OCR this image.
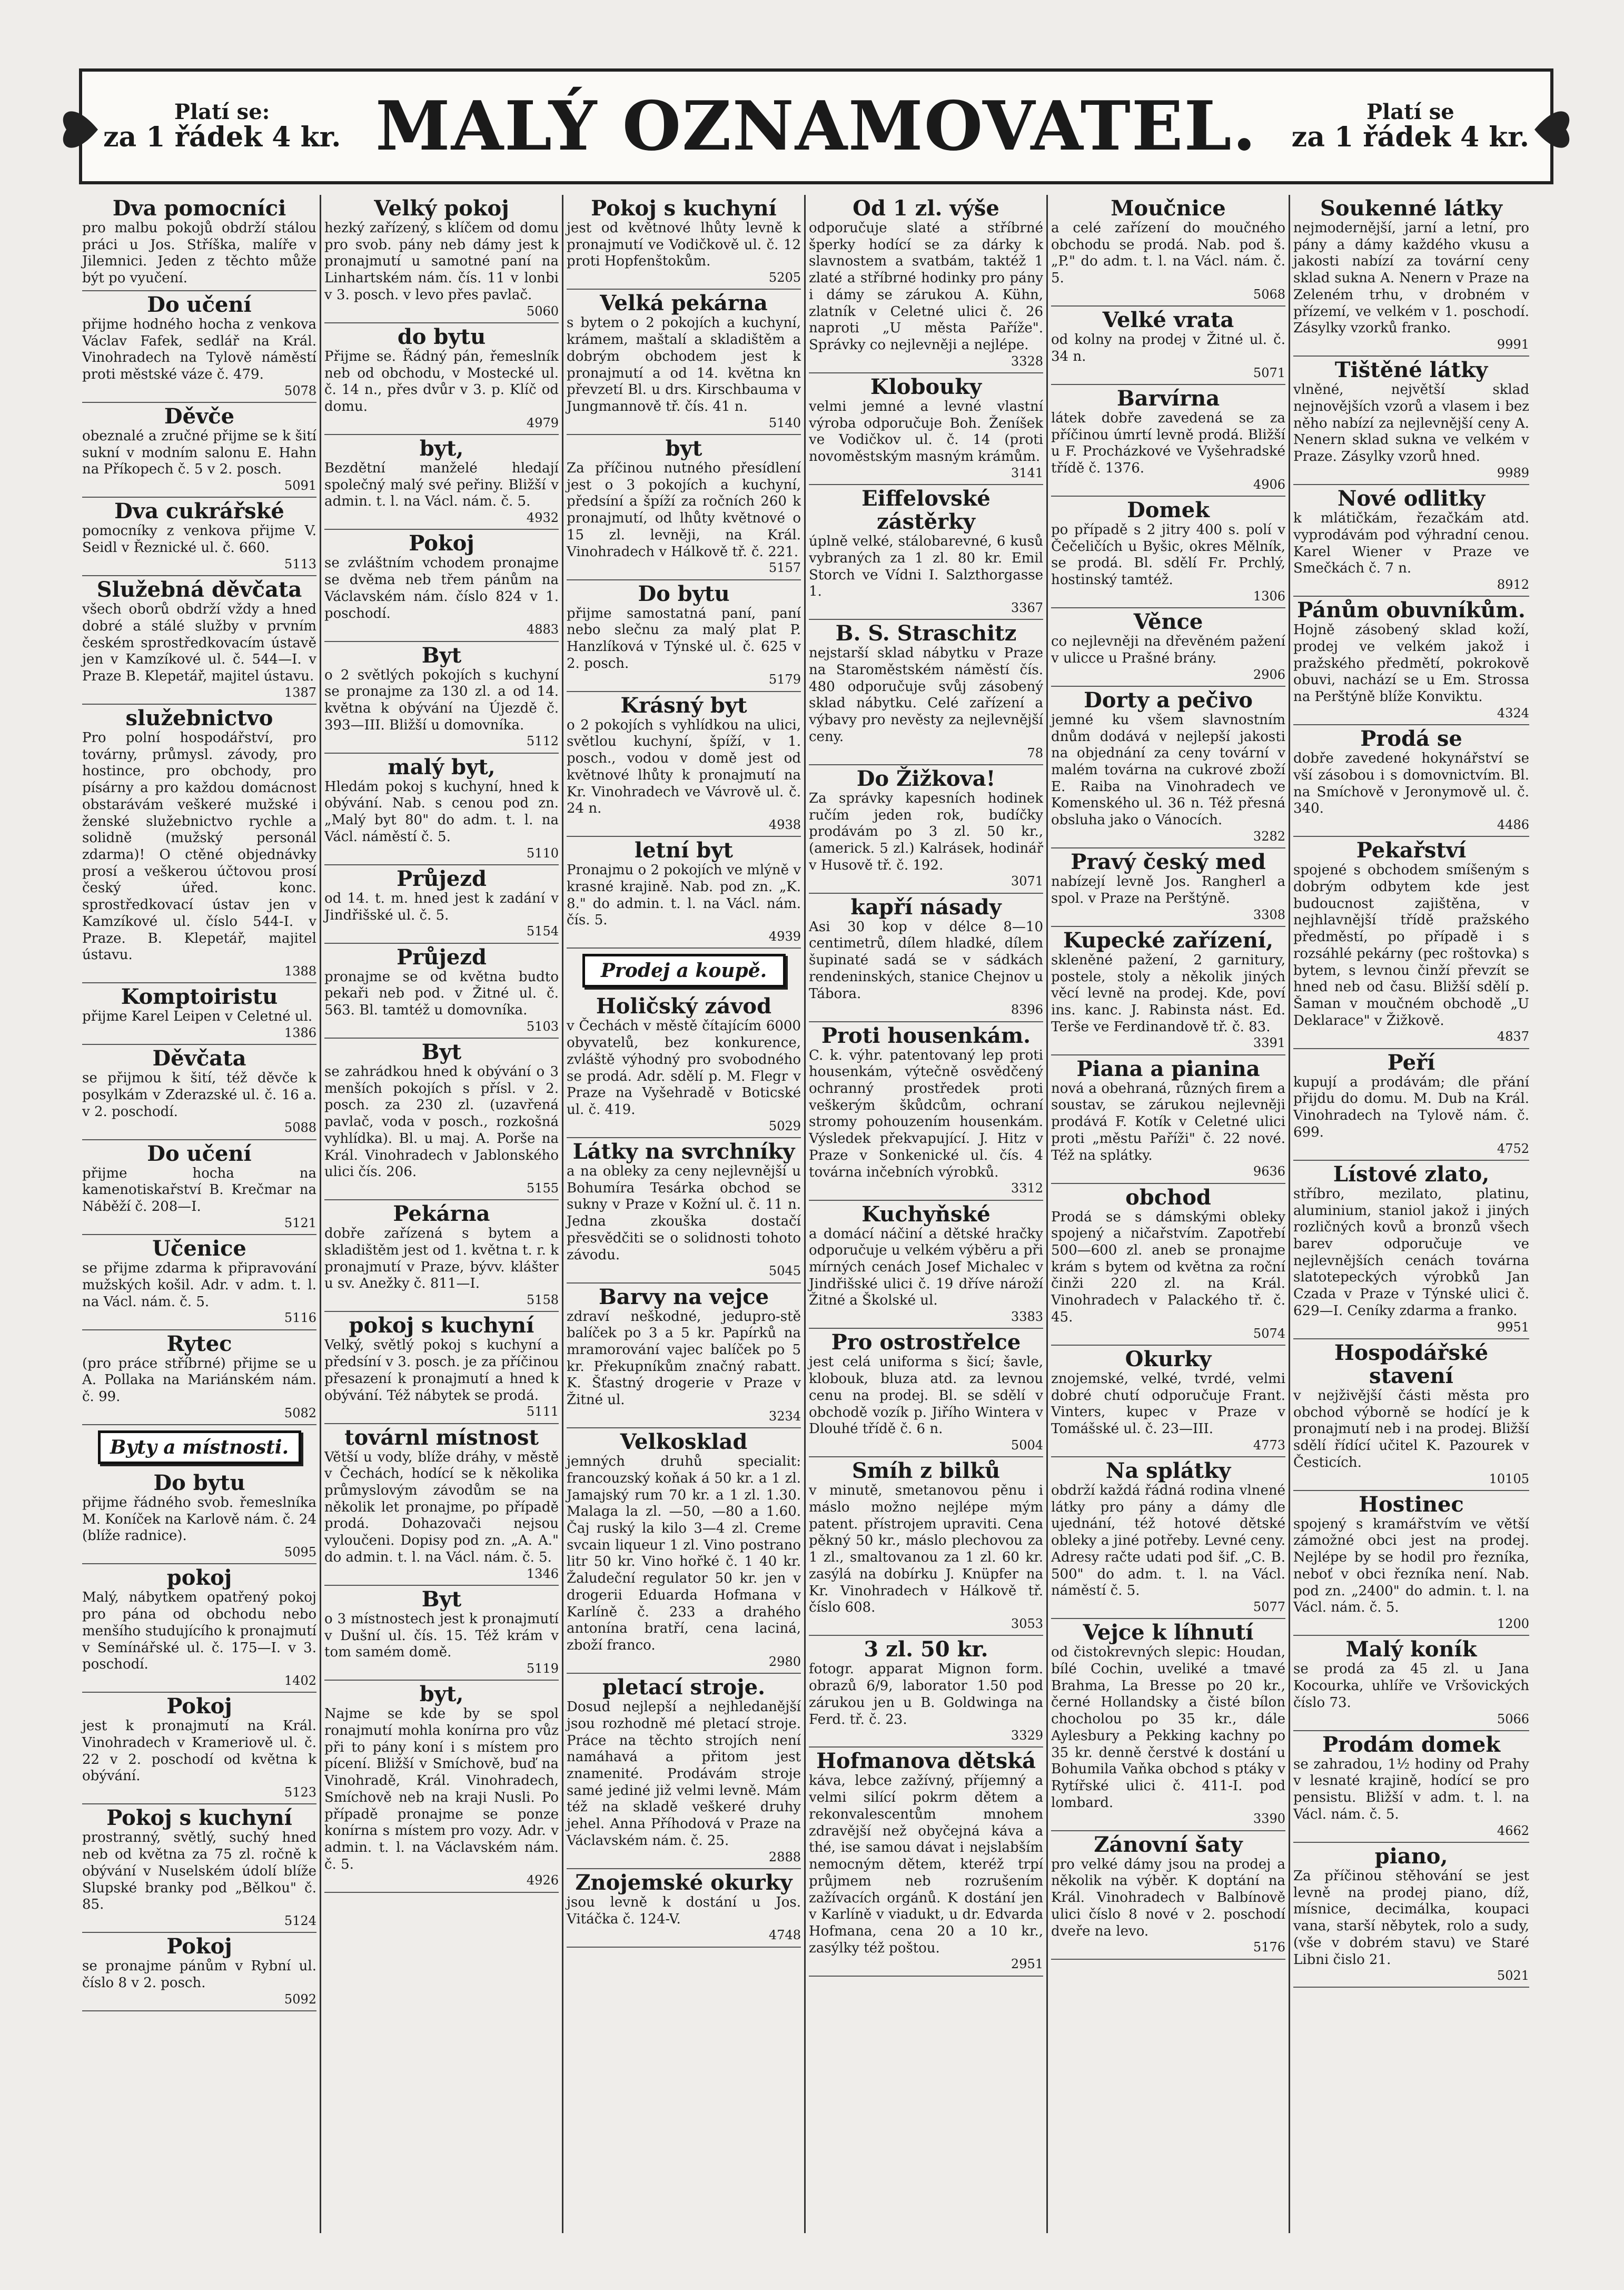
Platí se:
za 1 řádek 4 kr. MALÝ OZNAMOVATEL.	Platí se
za 1 řádek 4 kr.
Dva pomocníci

pro malbu pokojů obdrží stálou práci u Jos. Stříška, malíře v Jilemnici. Jeden z těchto může být po vyučení.

Do učení

přijme hodného hocha z venkova Václav Fafek, sedlář na Král. Vinohradech na Tylově náměstí proti městské váze č. 479.

5078

Děvče

obeznalé a zručné přijme se k šití sukní v modním salonu E. Hahn na Příkopech č. 5 v 2. posch.

5091

Dva cukrářské

pomocníky z venkova přijme V. Seidl v Řeznické ul. č. 660.

5113

Služebná děvčata

všech oborů obdrží vždy a hned dobré a stálé služby v prvním českém sprostředkovacím ústavě jen v Kamzíkové ul. č. 544—I. v Praze B. Klepetář, majitel ústavu.

1387

služebnictvo

Pro polní hospodářství, pro továrny, průmysl. závody, pro hostince, pro obchody, pro písárny a pro každou domácnost obstarávám veškeré mužské i ženské služebnictvo rychle a solidně (mužský personál zdarma)! O ctěné objednávky prosí a veškerou účtovou prosí český úřed. konc. sprostředkovací ústav jen v Kamzíkové ul. číslo 544-I. v Praze. B. Klepetář, majitel ústavu.

1388

Komptoiristu

přijme Karel Leipen v Celetné ul.

1386

Děvčata

se přijmou k šití, též děvče k posylkám v Zderazské ul. č. 16 a. v 2. poschodí.

5088

Do učení

přijme hocha na kamenotiskařství B. Krečmar na Náběží č. 208—I.

5121

Učenice

se přijme zdarma k připravování mužských košil. Adr. v adm. t. l. na Václ. nám. č. 5.

5116

Rytec

(pro práce stříbrné) přijme se u A. Pollaka na Mariánském nám. č. 99.

5082

Byty a místnosti.
Do bytu

přijme řádného svob. řemeslníka M. Koníček na Karlově nám. č. 24 (blíže radnice).

5095

pokoj

Malý, nábytkem opatřený pokoj pro pána od obchodu nebo menšího studujícího k pronajmutí v Semínářské ul. č. 175—I. v 3. poschodí.

1402

Pokoj

jest k pronajmutí na Král. Vinohradech v Krameriově ul. č. 22 v 2. poschodí od května k obývání.

5123

Pokoj s kuchyní

prostranný, světlý, suchý hned neb od května za 75 zl. ročně k obývání v Nuselském údolí blíže Slupské branky pod „Bělkou" č. 85.

5124

Pokoj

se pronajme pánům v Rybní ul. číslo 8 v 2. posch.

5092

Velký pokoj

hezký zařízený, s klíčem od domu pro svob. pány neb dámy jest k pronajmutí u samotné paní na Linhartském nám. čís. 11 v lonbi v 3. posch. v levo přes pavlač.

5060

do bytu

Přijme se. Řádný pán, řemeslník neb od obchodu, v Mostecké ul. č. 14 n., přes dvůr v 3. p. Klíč od domu.

4979

byt,

Bezdětní manželé hledají společný malý své peřiny. Bližší v admin. t. l. na Václ. nám. č. 5.

4932

Pokoj

se zvláštním vchodem pronajme se dvěma neb třem pánům na Václavském nám. číslo 824 v 1. poschodí.

4883

Byt

o 2 světlých pokojích s kuchyní se pronajme za 130 zl. a od 14. května k obývání na Újezdě č. 393—III. Bližší u domovníka.

5112

malý byt,

Hledám pokoj s kuchyní, hned k obývání. Nab. s cenou pod zn. „Malý byt 80" do adm. t. l. na Václ. náměstí č. 5.

5110

Průjezd

od 14. t. m. hned jest k zadání v Jindřišské ul. č. 5.

5154

Průjezd

pronajme se od května budto pekaři neb pod. v Žitné ul. č. 563. Bl. tamtéž u domovníka.

5103

Byt

se zahrádkou hned k obývání o 3 menších pokojích s přísl. v 2. posch. za 230 zl. (uzavřená pavlač, voda v posch., rozkošná vyhlídka). Bl. u maj. A. Porše na Král. Vinohradech v Jablonského ulici čís. 206.

5155

Pekárna

dobře zařízená s bytem a skladištěm jest od 1. května t. r. k pronajmutí v Praze, bývv. klášter u sv. Anežky č. 811—I.

5158

pokoj s kuchyní

Velký, světlý pokoj s kuchyní a předsíní v 3. posch. je za příčinou přesazení k pronajmutí a hned k obývání. Též nábytek se prodá.

5111

továrnl místnost

Větší u vody, blíže dráhy, v městě v Čechách, hodící se k několika průmyslovým závodům se na několik let pronajme, po případě prodá. Dohazovači nejsou vyloučeni. Dopisy pod zn. „A. A." do admin. t. l. na Václ. nám. č. 5.

1346

Byt

o 3 místnostech jest k pronajmutí v Dušní ul. čís. 15. Též krám v tom samém domě.

5119

byt,

Najme se kde by se spol ronajmutí mohla konírna pro vůz při to pány koní i s místem pro pícení. Bližší v Smíchově, buď na Vinohradě, Král. Vinohradech, Smíchově neb na kraji Nusli. Po případě pronajme se ponze konírna s místem pro vozy. Adr. v admin. t. l. na Václavském nám. č. 5.

4926

Pokoj s kuchyní

jest od květnové lhůty levně k pronajmutí ve Vodičkově ul. č. 12 proti Hopfenštokům.

5205

Velká pekárna

s bytem o 2 pokojích a kuchyní, krámem, maštalí a skladištěm a dobrým obchodem jest k pronajmutí a od 14. května kn převzetí Bl. u drs. Kirschbauma v Jungmannově tř. čís. 41 n.

5140

byt

Za příčinou nutného přesídlení jest o 3 pokojích a kuchyní, předsíní a špíží za ročních 260 k pronajmutí, od lhůty květnové o 15 zl. levněji, na Král. Vinohradech v Hálkově tř. č. 221.

5157

Do bytu

přijme samostatná paní, paní nebo slečnu za malý plat P. Hanzlíková v Týnské ul. č. 625 v 2. posch.

5179

Krásný byt

o 2 pokojích s vyhlídkou na ulici, světlou kuchyní, špíží, v 1. posch., vodou v domě jest od květnové lhůty k pronajmutí na Kr. Vinohradech ve Vávrově ul. č. 24 n.

4938

letní byt

Pronajmu o 2 pokojích ve mlýně v krasné krajině. Nab. pod zn. „K. 8." do admin. t. l. na Václ. nám. čís. 5.

4939

Prodej a koupě.
Holičský závod

v Čechách v městě čítajícím 6000 obyvatelů, bez konkurence, zvláště výhodný pro svobodného se prodá. Adr. sdělí p. M. Flegr v Praze na Vyšehradě v Boticské ul. č. 419.

5029

Látky na svrchníky

a na obleky za ceny nejlevnější u Bohumíra Tesárka obchod se sukny v Praze v Kožní ul. č. 11 n. Jedna zkouška dostačí přesvědčiti se o solidnosti tohoto závodu.

5045

Barvy na vejce

zdraví neškodné, jedupro-stě balíček po 3 a 5 kr. Papírků na mramorování vajec balíček po 5 kr. Překupníkům značný rabatt. K. Šťastný drogerie v Praze v Žitné ul.

3234

Velkosklad

jemných druhů specialit: francouzský koňak á 50 kr. a 1 zl. Jamajský rum 70 kr. a 1 zl. 1.30. Malaga la zl. —50, —80 a 1.60. Čaj ruský la kilo 3—4 zl. Creme svcain liqueur 1 zl. Vino postrano litr 50 kr. Vino hořké č. 1 40 kr. Žaludeční regulator 50 kr. jen v drogerii Eduarda Hofmana v Karlíně č. 233 a drahého antonína bratří, cena laciná, zboží franco.

2980

pletací stroje.

Dosud nejlepší a nejhledanější jsou rozhodně mé pletací stroje. Práce na těchto strojích není namáhavá a přitom jest znamenité. Prodávám stroje samé jediné již velmi levně. Mám též na skladě veškeré druhy jehel. Anna Příhodová v Praze na Václavském nám. č. 25.

2888

Znojemské okurky

jsou levně k dostání u Jos. Vitáčka č. 124-V.

4748

Od 1 zl. výše

odporučuje slaté a stříbrné šperky hodící se za dárky k slavnostem a svatbám, taktéž 1 zlaté a stříbrné hodinky pro pány i dámy se zárukou A. Kühn, zlatník v Celetné ulici č. 26 naproti „U města Paříže". Správky co nejlevněji a nejlépe.

3328

Klobouky

velmi jemné a levné vlastní výroba odporučuje Boh. Ženíšek ve Vodičkov ul. č. 14 (proti novoměstským masným krámům.

3141

Eiffelovské zástěrky

úplně velké, stálobarevné, 6 kusů vybraných za 1 zl. 80 kr. Emil Storch ve Vídni I. Salzthorgasse 1.

3367

B. S. Straschitz

nejstarší sklad nábytku v Praze na Staroměstském náměstí čís. 480 odporučuje svůj zásobený sklad nábytku. Celé zařízení a výbavy pro nevěsty za nejlevnější ceny.

78

Do Žižkova!

Za správky kapesních hodinek ručím jeden rok, budíčky prodávám po 3 zl. 50 kr., (americk. 5 zl.) Kalrásek, hodinář v Husově tř. č. 192.

3071

kapří násady

Asi 30 kop v délce 8—10 centimetrů, dílem hladké, dílem šupinaté sadá se v sádkách rendeninských, stanice Chejnov u Tábora.

8396

Proti housenkám.

C. k. výhr. patentovaný lep proti housenkám, výtečně osvědčený ochranný prostředek proti veškerým škůdcům, ochraní stromy pohouzením housenkám. Výsledek překvapující. J. Hitz v Praze v Sonkenické ul. čís. 4 továrna inčebních výrobků.

3312

Kuchyňské

a domácí náčiní a dětské hračky odporučuje u velkém výběru a při mírných cenách Josef Michalec v Jindřišské ulici č. 19 dříve nároží Žitné a Školské ul.

3383

Pro ostrostřelce

jest celá uniforma s šicí; šavle, klobouk, bluza atd. za levnou cenu na prodej. Bl. se sdělí v obchodě vozík p. Jiřího Wintera v Dlouhé třídě č. 6 n.

5004

Smíh z bilků

v minutě, smetanovou pěnu i máslo možno nejlépe mým patent. přístrojem upraviti. Cena pěkný 50 kr., máslo plechovou za 1 zl., smaltovanou za 1 zl. 60 kr. zasýlá na dobírku J. Knüpfer na Kr. Vinohradech v Hálkově tř. číslo 608.

3053

3 zl. 50 kr.

fotogr. apparat Mignon form. obrazů 6/9, laborator 1.50 pod zárukou jen u B. Goldwinga na Ferd. tř. č. 23.

3329

Hofmanova dětská

káva, lebce zažívný, příjemný a velmi silící pokrm dětem a rekonvalescentům mnohem zdravější než obyčejná káva a thé, ise samou dávat i nejslabším nemocným dětem, kteréž trpí průjmem neb rozrušením zažívacích orgánů. K dostání jen v Karlíně v viadukt, u dr. Edvarda Hofmana, cena 20 a 10 kr., zasýlky též poštou.

2951

Moučnice

a celé zařízení do moučného obchodu se prodá. Nab. pod š. „P." do adm. t. l. na Václ. nám. č. 5.

5068

Velké vrata

od kolny na prodej v Žitné ul. č. 34 n.

5071

Barvírna

látek dobře zavedená se za příčinou úmrtí levně prodá. Bližší u F. Procházkové ve Vyšehradské třídě č. 1376.

4906

Domek

po případě s 2 jitry 400 s. polí v Čečeličích u Byšic, okres Mělník, se prodá. Bl. sdělí Fr. Prchlý, hostinský tamtéž.

1306

Věnce

co nejlevněji na dřevěném pažení v ulicce u Prašné brány.

2906

Dorty a pečivo

jemné ku všem slavnostním dnům dodává v nejlepší jakosti na objednání za ceny tovární v malém továrna na cukrové zboží E. Raiba na Vinohradech ve Komenského ul. 36 n. Též přesná obsluha jako o Vánocích.

3282

Pravý český med

nabízejí levně Jos. Rangherl a spol. v Praze na Perštýně.

3308

Kupecké zařízení,

skleněné pažení, 2 garnitury, postele, stoly a několik jiných věcí levně na prodej. Kde, poví ins. kanc. J. Rabinsta nást. Ed. Terše ve Ferdinandově tř. č. 83.

3391

Piana a pianina

nová a obehraná, různých firem a soustav, se zárukou nejlevněji prodává F. Kotík v Celetné ulici proti „městu Paříži" č. 22 nové. Též na splátky.

9636

obchod

Prodá se s dámskými obleky spojený a ničařstvím. Zapotřebí 500—600 zl. aneb se pronajme krám s bytem od května za roční činži 220 zl. na Král. Vinohradech v Palackého tř. č. 45.

5074

Okurky

znojemské, velké, tvrdé, velmi dobré chutí odporučuje Frant. Vinters, kupec v Praze v Tomášské ul. č. 23—III.

4773

Na splátky

obdrží každá řádná rodina vlnené látky pro pány a dámy dle ujednání, též hotové dětské obleky a jiné potřeby. Levné ceny. Adresy račte udati pod šif. „C. B. 500" do adm. t. l. na Václ. náměstí č. 5.

5077

Vejce k líhnutí

od čistokrevných slepic: Houdan, bílé Cochin, uveliké a tmavé Brahma, La Bresse po 20 kr., černé Hollandsky a čisté bílon chocholou po 35 kr., dále Aylesbury a Pekking kachny po 35 kr. denně čerstvé k dostání u Bohumila Vaňka obchod s ptáky v Rytířské ulici č. 411-I. pod lombard.

3390

Zánovní šaty

pro velké dámy jsou na prodej a několik na výběr. K doptání na Král. Vinohradech v Balbínově ulici číslo 8 nové v 2. poschodí dveře na levo.

5176

Soukenné látky

nejmodernější, jarní a letní, pro pány a dámy každého vkusu a jakosti nabízí za tovární ceny sklad sukna A. Nenern v Praze na Zeleném trhu, v drobném v přízemí, ve velkém v 1. poschodí. Zásylky vzorků franko.

9991

Tištěné látky

vlněné, největší sklad nejnovějších vzorů a vlasem i bez něho nabízí za nejlevnější ceny A. Nenern sklad sukna ve velkém v Praze. Zásylky vzorů hned.

9989

Nové odlitky

k mlátičkám, řezačkám atd. vyprodávám pod výhradní cenou. Karel Wiener v Praze ve Smečkách č. 7 n.

8912

Pánům obuvníkům.

Hojně zásobený sklad koží, prodej ve velkém jakož i pražského předmětí, pokrokově obuvi, nachází se u Em. Strossa na Perštýně blíže Konviktu.

4324

Prodá se

dobře zavedené hokynářství se vší zásobou i s domovnictvím. Bl. na Smíchově v Jeronymově ul. č. 340.

4486

Pekařství

spojené s obchodem smíšeným s dobrým odbytem kde jest budoucnost zajištěna, v nejhlavnější třídě pražského předměstí, po případě i s rozsáhlé pekárny (pec roštovka) s bytem, s levnou činží převzít se hned neb od času. Bližší sdělí p. Šaman v moučném obchodě „U Deklarace" v Žižkově.

4837

Peří

kupují a prodávám; dle přání přijdu do domu. M. Dub na Král. Vinohradech na Tylově nám. č. 699.

4752

Lístové zlato,

stříbro, mezilato, platinu, aluminium, staniol jakož i jiných rozličných kovů a bronzů všech barev odporučuje ve nejlevnějších cenách továrna slatotepeckých výrobků Jan Czada v Praze v Týnské ulici č. 629—I. Ceníky zdarma a franko.

9951

Hospodářské stavení

v nejživější části města pro obchod výborně se hodící je k pronajmutí neb i na prodej. Bližší sdělí řídící učitel K. Pazourek v Česticích.

10105

Hostinec

spojený s kramářstvím ve větší zámožné obci jest na prodej. Nejlépe by se hodil pro řezníka, neboť v obci řezníka není. Nab. pod zn. „2400" do admin. t. l. na Václ. nám. č. 5.

1200

Malý koník

se prodá za 45 zl. u Jana Kocourka, uhlíře ve Vršovických číslo 73.

5066

Prodám domek

se zahradou, 1½ hodiny od Prahy v lesnaté krajině, hodící se pro pensistu. Bližší v adm. t. l. na Václ. nám. č. 5.

4662

piano,

Za příčinou stěhování se jest levně na prodej piano, díž, mísnice, decimálka, koupaci vana, starší něbytek, rolo a sudy, (vše v dobrém stavu) ve Staré Libni čislo 21.

5021
